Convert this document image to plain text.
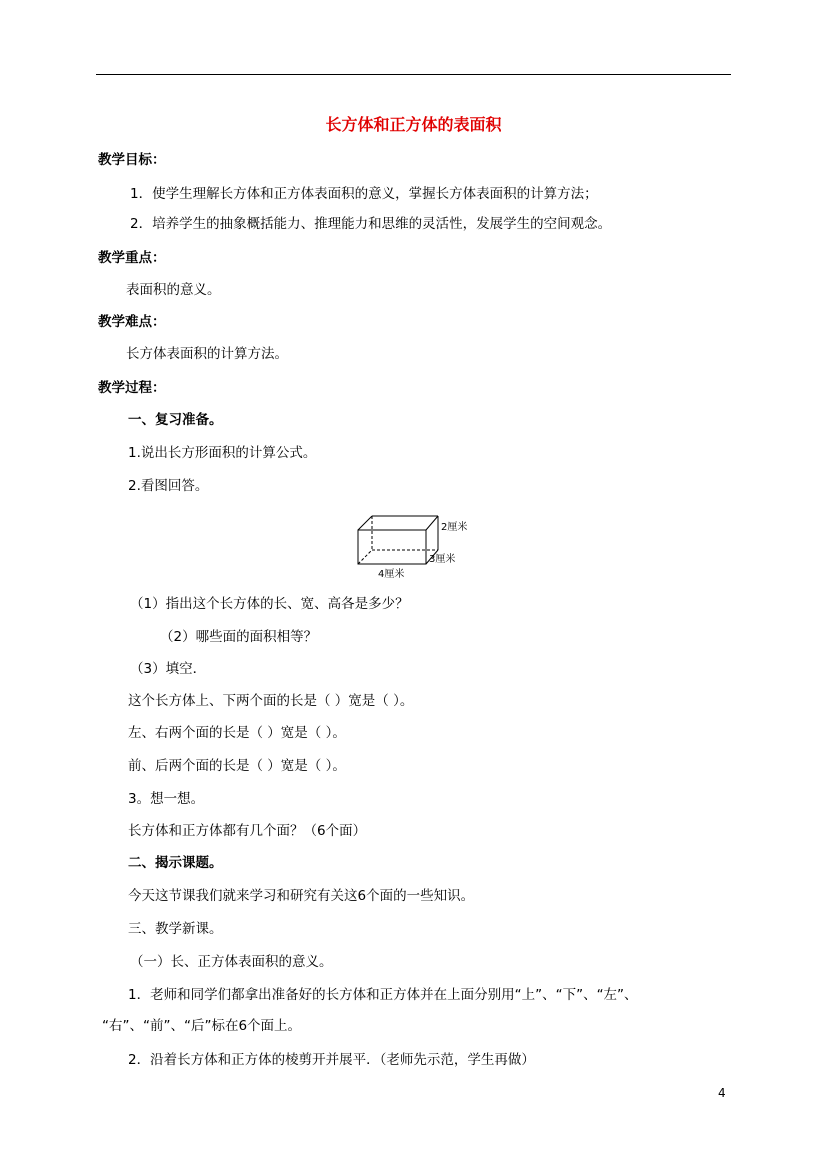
长方体和正方体的表面积
教学目标：
1．使学生理解长方体和正方体表面积的意义，掌握长方体表面积的计算方法；
2．培养学生的抽象概括能力、推理能力和思维的灵活性，发展学生的空间观念。
教学重点：
表面积的意义。
教学难点：
长方体表面积的计算方法。
教学过程：
一、复习准备。
1.说出长方形面积的计算公式。
2.看图回答。
2厘米
3厘米
4厘米
（1）指出这个长方体的长、宽、高各是多少？
（2）哪些面的面积相等？
（3）填空．
这个长方体上、下两个面的长是（ ）宽是（ ）。
左、右两个面的长是（ ）宽是（ ）。
前、后两个面的长是（ ）宽是（ ）。
3。想一想。
长方体和正方体都有几个面？（6个面）
二、揭示课题。
今天这节课我们就来学习和研究有关这6个面的一些知识。
三、教学新课。
（一）长、正方体表面积的意义。
1．老师和同学们都拿出准备好的长方体和正方体并在上面分别用“上”、“下”、“左”、
“右”、“前”、“后”标在6个面上。
2．沿着长方体和正方体的棱剪开并展平．（老师先示范，学生再做）
4
